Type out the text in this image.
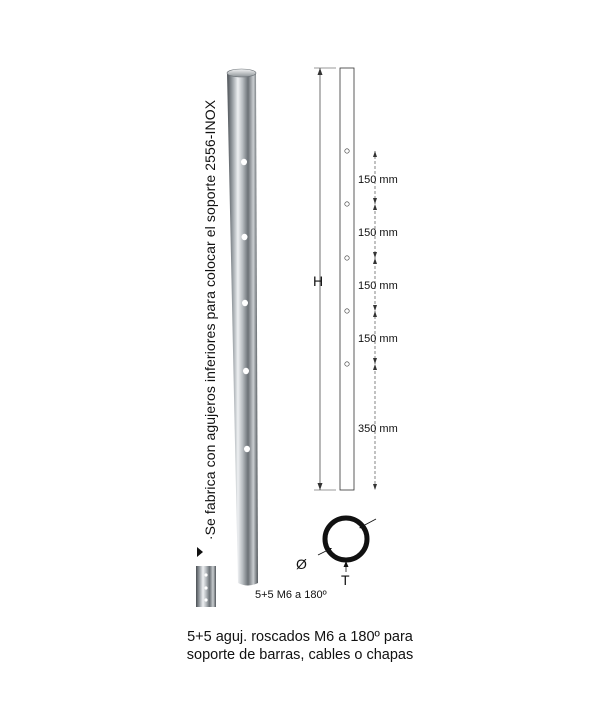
·Se fabrica con agujeros inferiores para colocar el soporte 2556-INOX
5+5 M6 a 180º
H
150 mm
150 mm
150 mm
150 mm
350 mm
Ø
T
5+5 aguj. roscados M6 a 180º para
soporte de barras, cables o chapas
